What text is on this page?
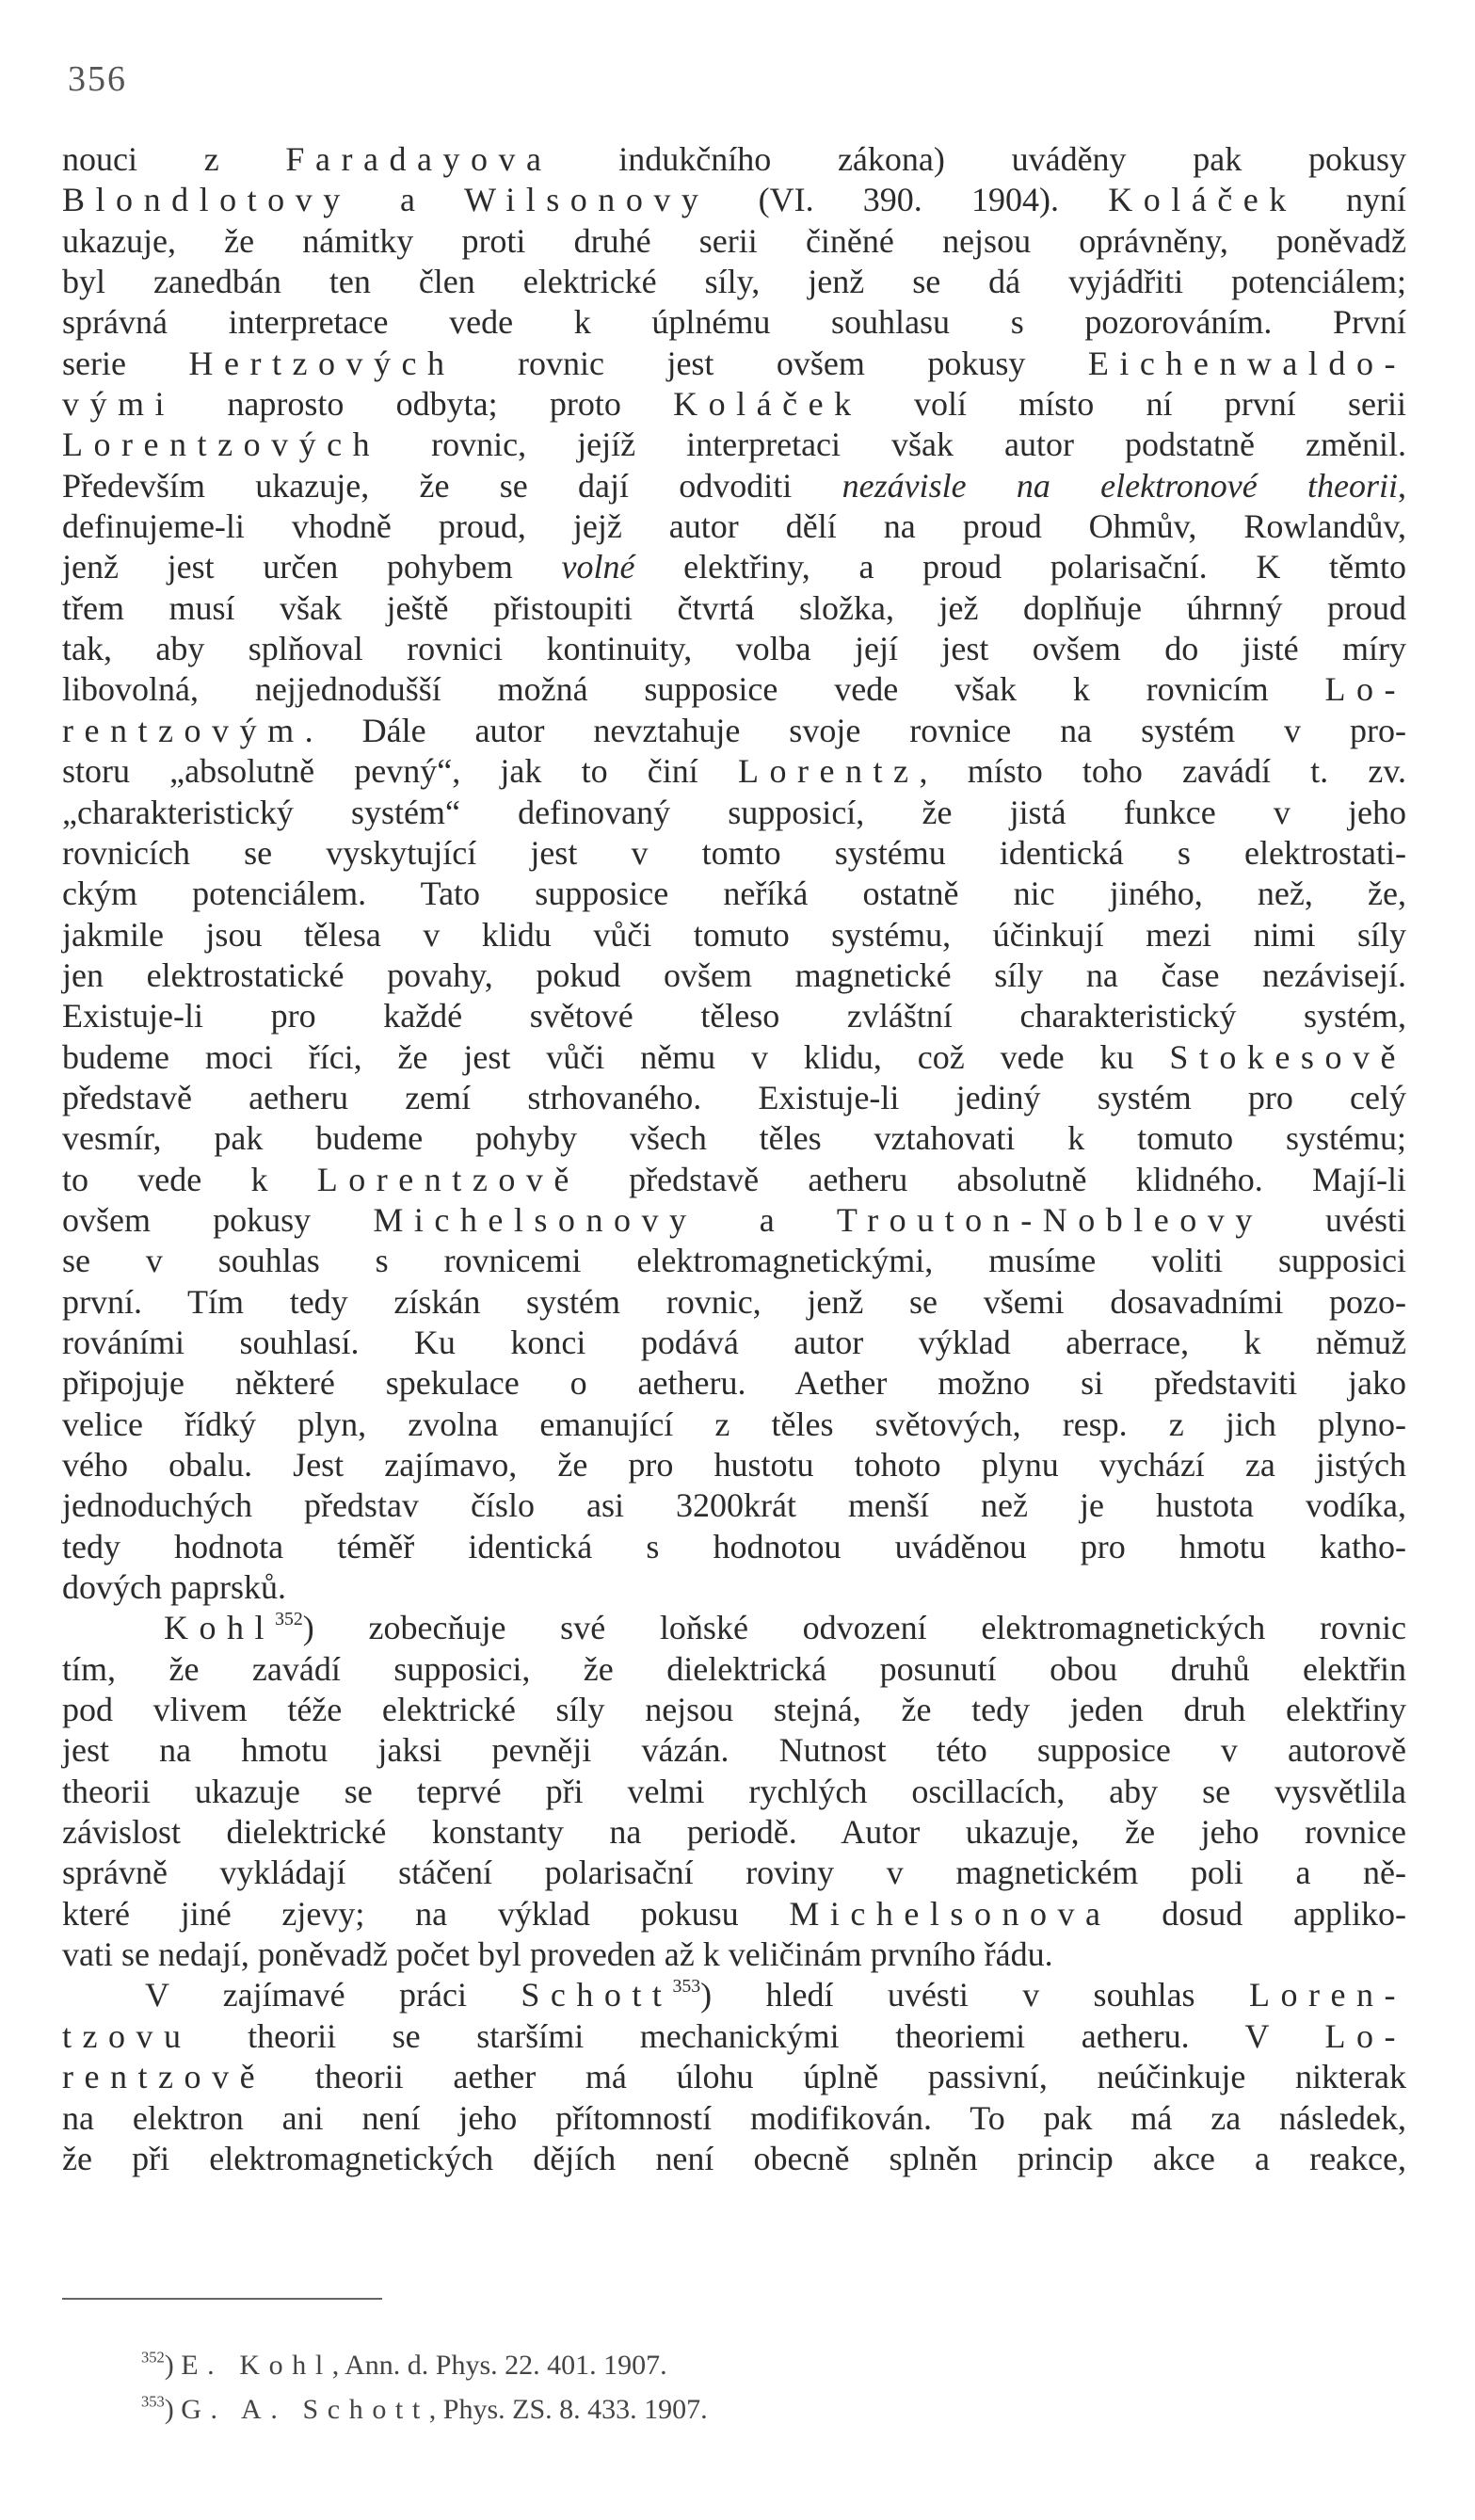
356
nouci z Faradayova indukčního zákona) uváděny pak pokusy
Blondlotovy a Wilsonovy (VI. 390. 1904). Koláček nyní
ukazuje, že námitky proti druhé serii činěné nejsou oprávněny, poněvadž
byl zanedbán ten člen elektrické síly, jenž se dá vyjádřiti potenciálem;
správná interpretace vede k úplnému souhlasu s pozorováním. První
serie Hertzových rovnic jest ovšem pokusy Eichenwaldo-
vými naprosto odbyta; proto Koláček volí místo ní první serii
Lorentzových rovnic, jejíž interpretaci však autor podstatně změnil.
Především ukazuje, že se dají odvoditi nezávisle na elektronové theorii,
definujeme-li vhodně proud, jejž autor dělí na proud Ohmův, Rowlandův,
jenž jest určen pohybem volné elektřiny, a proud polarisační. K těmto
třem musí však ještě přistoupiti čtvrtá složka, jež doplňuje úhrnný proud
tak, aby splňoval rovnici kontinuity, volba její jest ovšem do jisté míry
libovolná, nejjednodušší možná supposice vede však k rovnicím Lo-
rentzovým. Dále autor nevztahuje svoje rovnice na systém v pro-
storu „absolutně pevný“, jak to činí Lorentz, místo toho zavádí t. zv.
„charakteristický systém“ definovaný supposicí, že jistá funkce v jeho
rovnicích se vyskytující jest v tomto systému identická s elektrostati-
ckým potenciálem. Tato supposice neříká ostatně nic jiného, než, že,
jakmile jsou tělesa v klidu vůči tomuto systému, účinkují mezi nimi síly
jen elektrostatické povahy, pokud ovšem magnetické síly na čase nezávisejí.
Existuje-li pro každé světové těleso zvláštní charakteristický systém,
budeme moci říci, že jest vůči němu v klidu, což vede ku Stokesově
představě aetheru zemí strhovaného. Existuje-li jediný systém pro celý
vesmír, pak budeme pohyby všech těles vztahovati k tomuto systému;
to vede k Lorentzově představě aetheru absolutně klidného. Mají-li
ovšem pokusy Michelsonovy a Trouton-Nobleovy uvésti
se v souhlas s rovnicemi elektromagnetickými, musíme voliti supposici
první. Tím tedy získán systém rovnic, jenž se všemi dosavadními pozo-
rováními souhlasí. Ku konci podává autor výklad aberrace, k němuž
připojuje některé spekulace o aetheru. Aether možno si představiti jako
velice řídký plyn, zvolna emanující z těles světových, resp. z jich plyno-
vého obalu. Jest zajímavo, že pro hustotu tohoto plynu vychází za jistých
jednoduchých představ číslo asi 3200krát menší než je hustota vodíka,
tedy hodnota téměř identická s hodnotou uváděnou pro hmotu katho-
dových paprsků.
Kohl$^{352}$) zobecňuje své loňské odvození elektromagnetických rovnic
tím, že zavádí supposici, že dielektrická posunutí obou druhů elektřin
pod vlivem téže elektrické síly nejsou stejná, že tedy jeden druh elektřiny
jest na hmotu jaksi pevněji vázán. Nutnost této supposice v autorově
theorii ukazuje se teprvé při velmi rychlých oscillacích, aby se vysvětlila
závislost dielektrické konstanty na periodě. Autor ukazuje, že jeho rovnice
správně vykládají stáčení polarisační roviny v magnetickém poli a ně-
které jiné zjevy; na výklad pokusu Michelsonova dosud appliko-
vati se nedají, poněvadž počet byl proveden až k veličinám prvního řádu.
V zajímavé práci Schott$^{353}$) hledí uvésti v souhlas Loren-
tzovu theorii se staršími mechanickými theoriemi aetheru. V Lo-
rentzově theorii aether má úlohu úplně passivní, neúčinkuje nikterak
na elektron ani není jeho přítomností modifikován. To pak má za následek,
že při elektromagnetických dějích není obecně splněn princip akce a reakce,
$^{352}$) E. Kohl, Ann. d. Phys. 22. 401. 1907.
$^{353}$) G. A. Schott, Phys. ZS. 8. 433. 1907.
